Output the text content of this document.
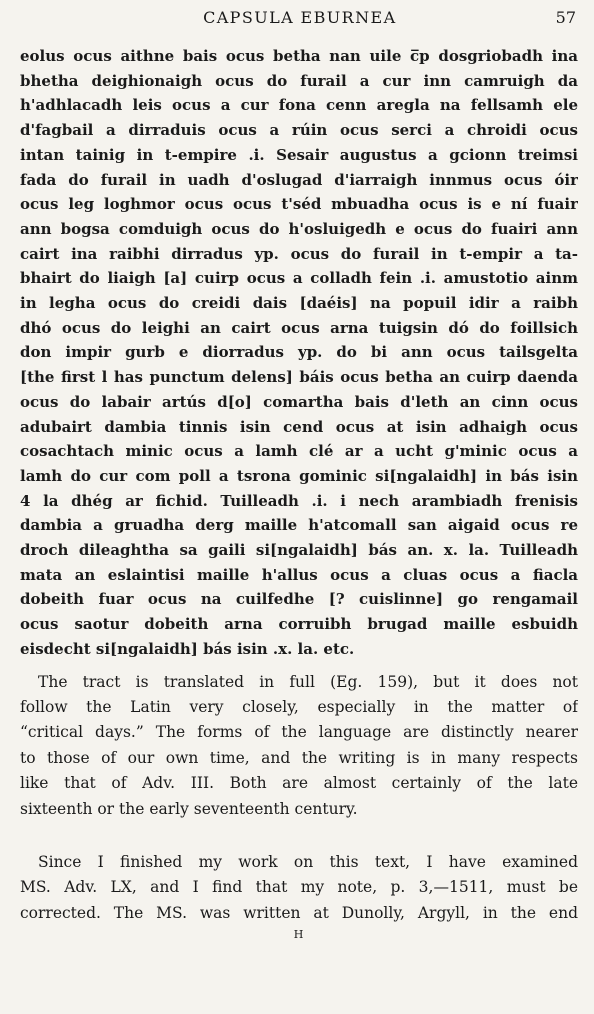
CAPSULA EBURNEA	57
eolus ocus aithne bais ocus betha nan uile c̅p dosgriobadh ina
bhetha deighionaigh ocus do furail a cur inn camruigh da
h'adhlacadh leis ocus a cur fona cenn aregla na fellsamh ele
d'fagbail a dirraduis ocus a rúin ocus serci a chroidi ocus
intan tainig in t-empire .i. Sesair augustus a gcionn treimsi
fada do furail in uadh d'oslugad d'iarraigh innmus ocus óir
ocus leg loghmor ocus ocus t'séd mbuadha ocus is e ní fuair
ann bogsa comduigh ocus do h'osluigedh e ocus do fuairi ann
cairt ina raibhi dirradus yp. ocus do furail in t-empir a ta-
bhairt do liaigh [a] cuirp ocus a colladh fein .i. amustotio ainm
in legha ocus do creidi dais [daéis] na popuil idir a raibh
dhó ocus do leighi an cairt ocus arna tuigsin dó do foillsich
don impir gurb e diorradus yp. do bi ann ocus tailsgelta
[the first l has punctum delens] báis ocus betha an cuirp daenda
ocus do labair artús d[o] comartha bais d'leth an cinn ocus
adubairt dambia tinnis isin cend ocus at isin adhaigh ocus
cosachtach minic ocus a lamh clé ar a ucht g'minic ocus a
lamh do cur com poll a tsrona gominic si[ngalaidh] in bás isin
4 la dhég ar fichid. Tuilleadh .i. i nech arambiadh frenisis
dambia a gruadha derg maille h'atcomall san aigaid ocus re
droch dileaghtha sa gaili si[ngalaidh] bás an. x. la. Tuilleadh
mata an eslaintisi maille h'allus ocus a cluas ocus a fiacla
dobeith fuar ocus na cuilfedhe [? cuislinne] go rengamail
ocus saotur dobeith arna corruibh brugad maille esbuidh
eisdecht si[ngalaidh] bás isin .x. la. etc.
The tract is translated in full (Eg. 159), but it does not
follow the Latin very closely, especially in the matter of
“critical days.” The forms of the language are distinctly nearer
to those of our own time, and the writing is in many respects
like that of Adv. III. Both are almost certainly of the late
sixteenth or the early seventeenth century.
Since I finished my work on this text, I have examined
MS. Adv. LX, and I find that my note, p. 3,—1511, must be
corrected. The MS. was written at Dunolly, Argyll, in the end
H
